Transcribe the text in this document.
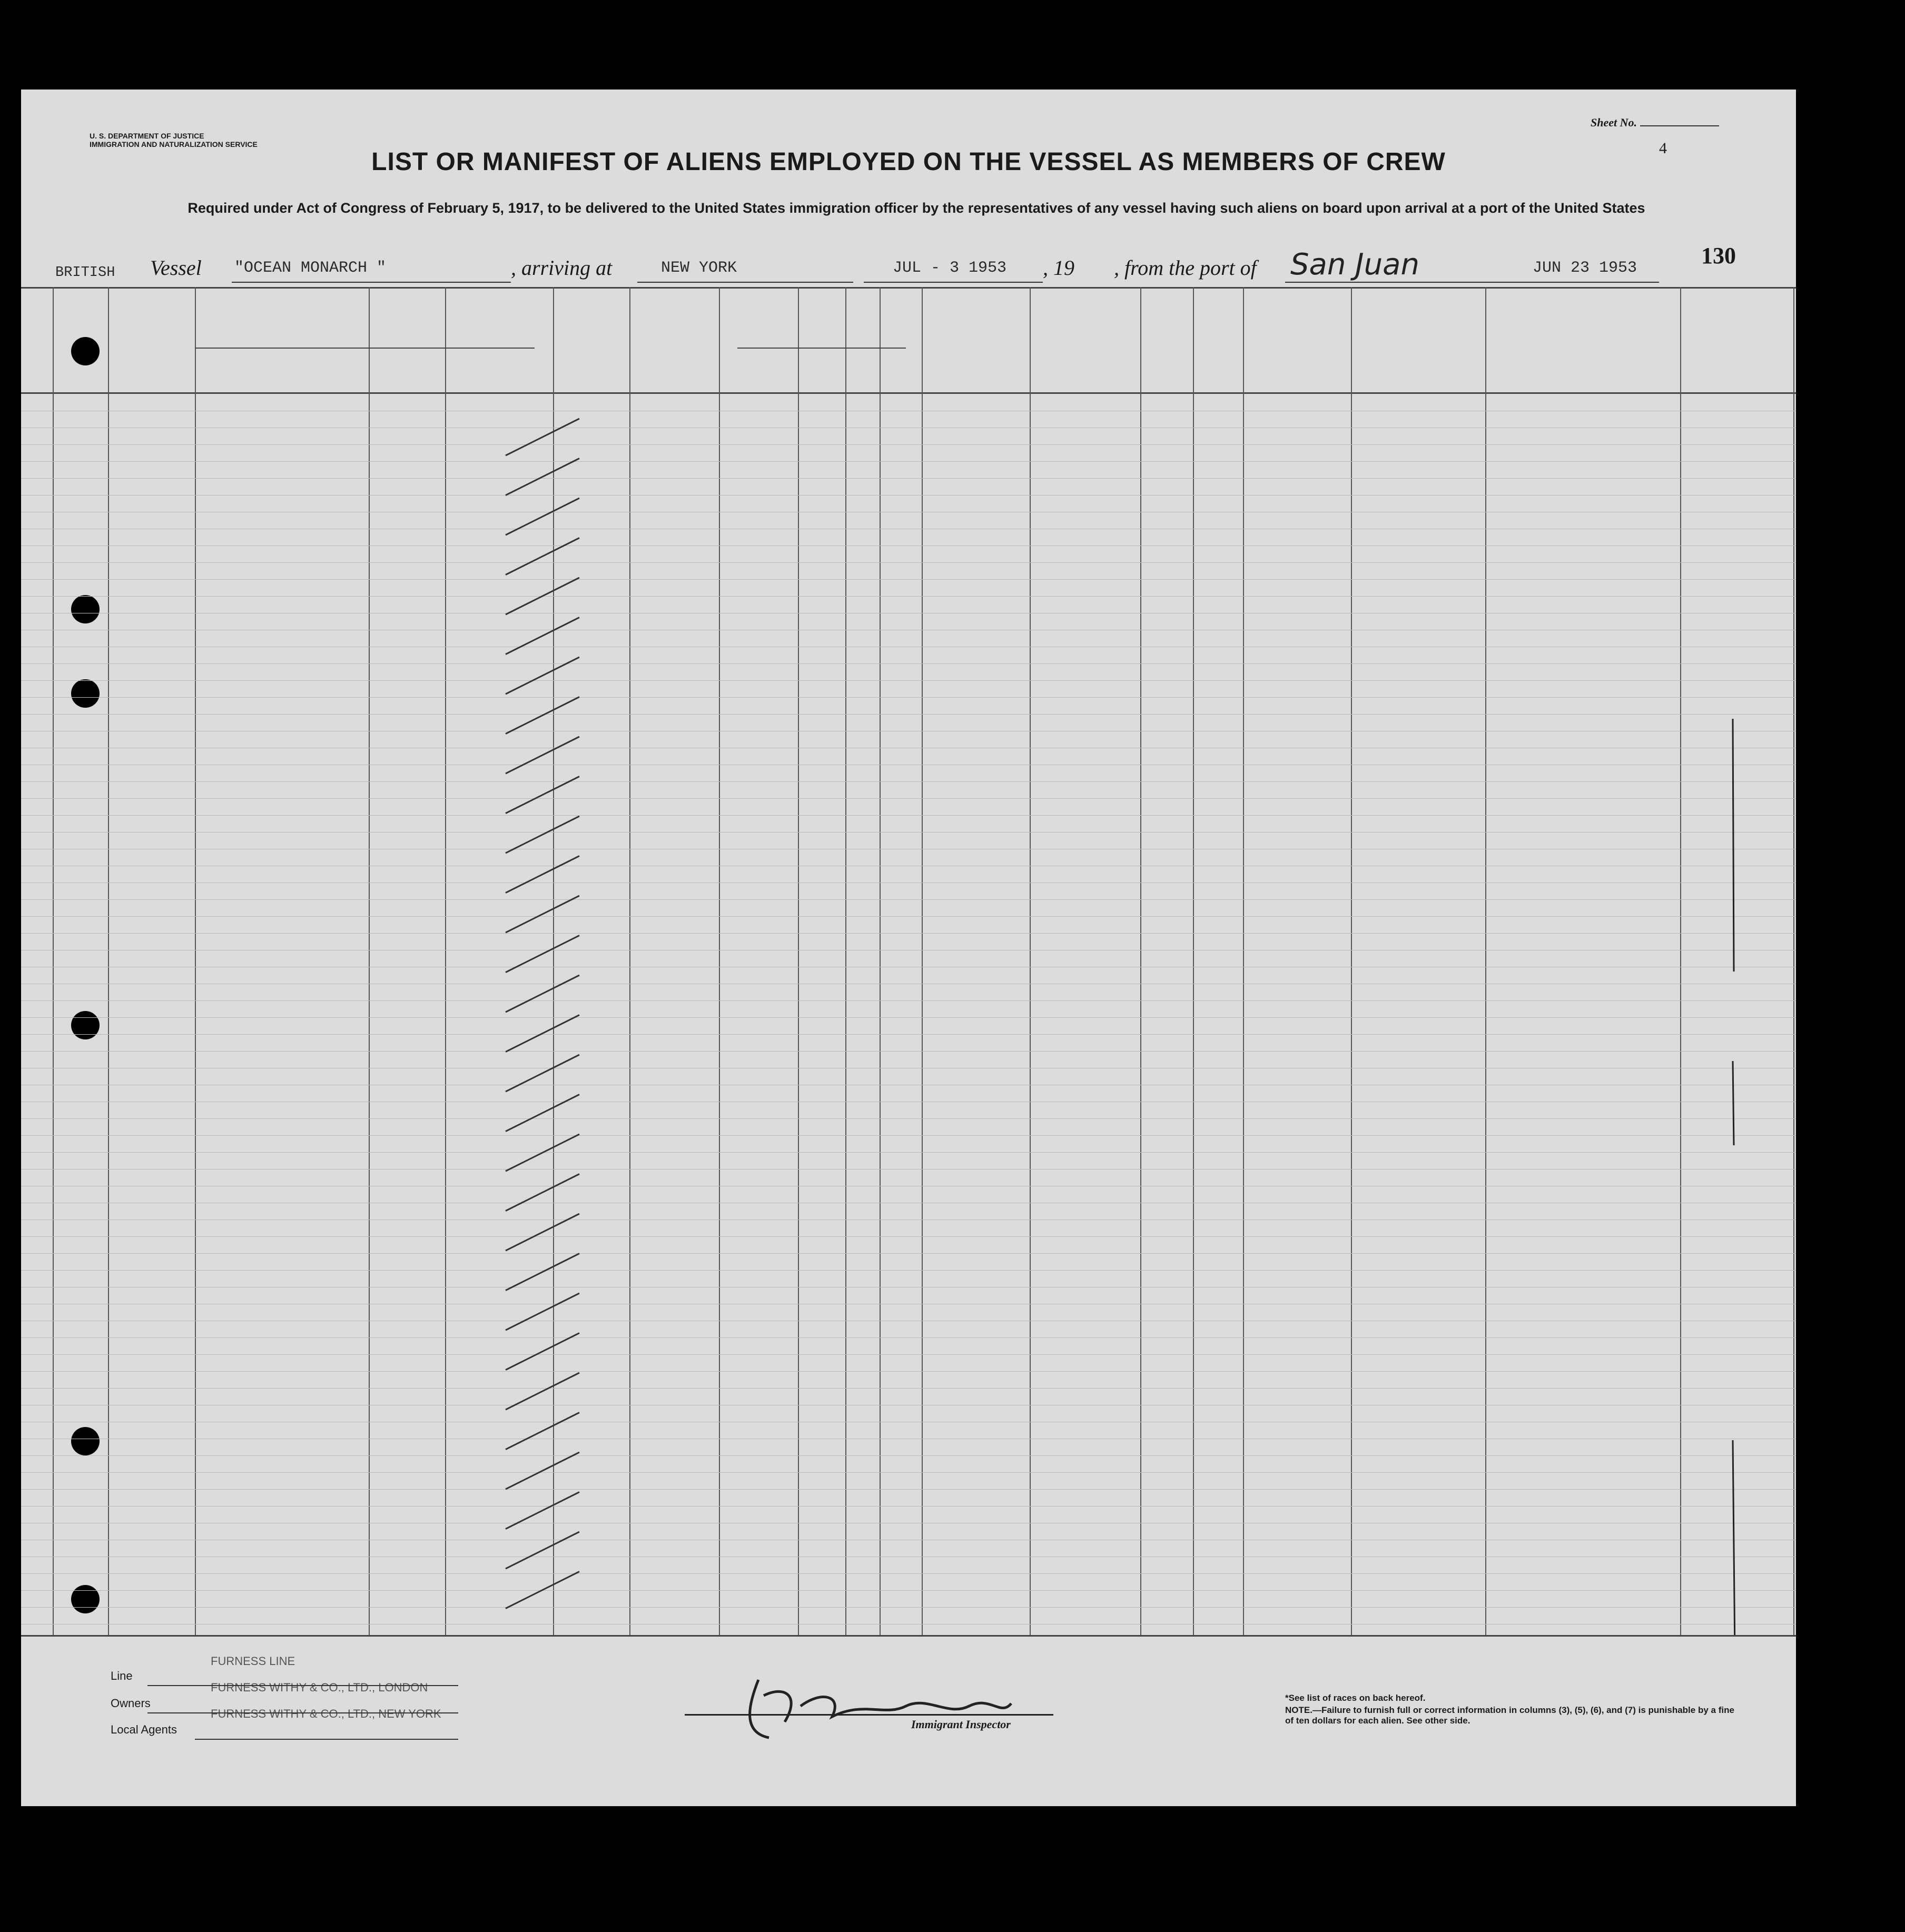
U. S. DEPARTMENT OF JUSTICE
IMMIGRATION AND NATURALIZATION SERVICE
Sheet No.
4
LIST OR MANIFEST OF ALIENS EMPLOYED ON THE VESSEL AS MEMBERS OF CREW
Required under Act of Congress of February 5, 1917, to be delivered to the United States immigration officer by the representatives of any vessel having such aliens on board upon arrival at a port of the United States
BRITISH Vessel "OCEAN MONARCH "	, arriving at	NEW YORK	JUL - 3 1953 , 19 , from the port of San Juan	JUN 23 1953	130
Line
FURNESS LINE
Owners
FURNESS WITHY & CO., LTD., LONDON
Local Agents
FURNESS WITHY & CO., LTD., NEW YORK
Immigrant Inspector
*See list of races on back hereof.
NOTE.—Failure to furnish full or correct information in columns (3), (5), (6), and (7) is punishable by a fine of ten dollars for each alien. See other side.
